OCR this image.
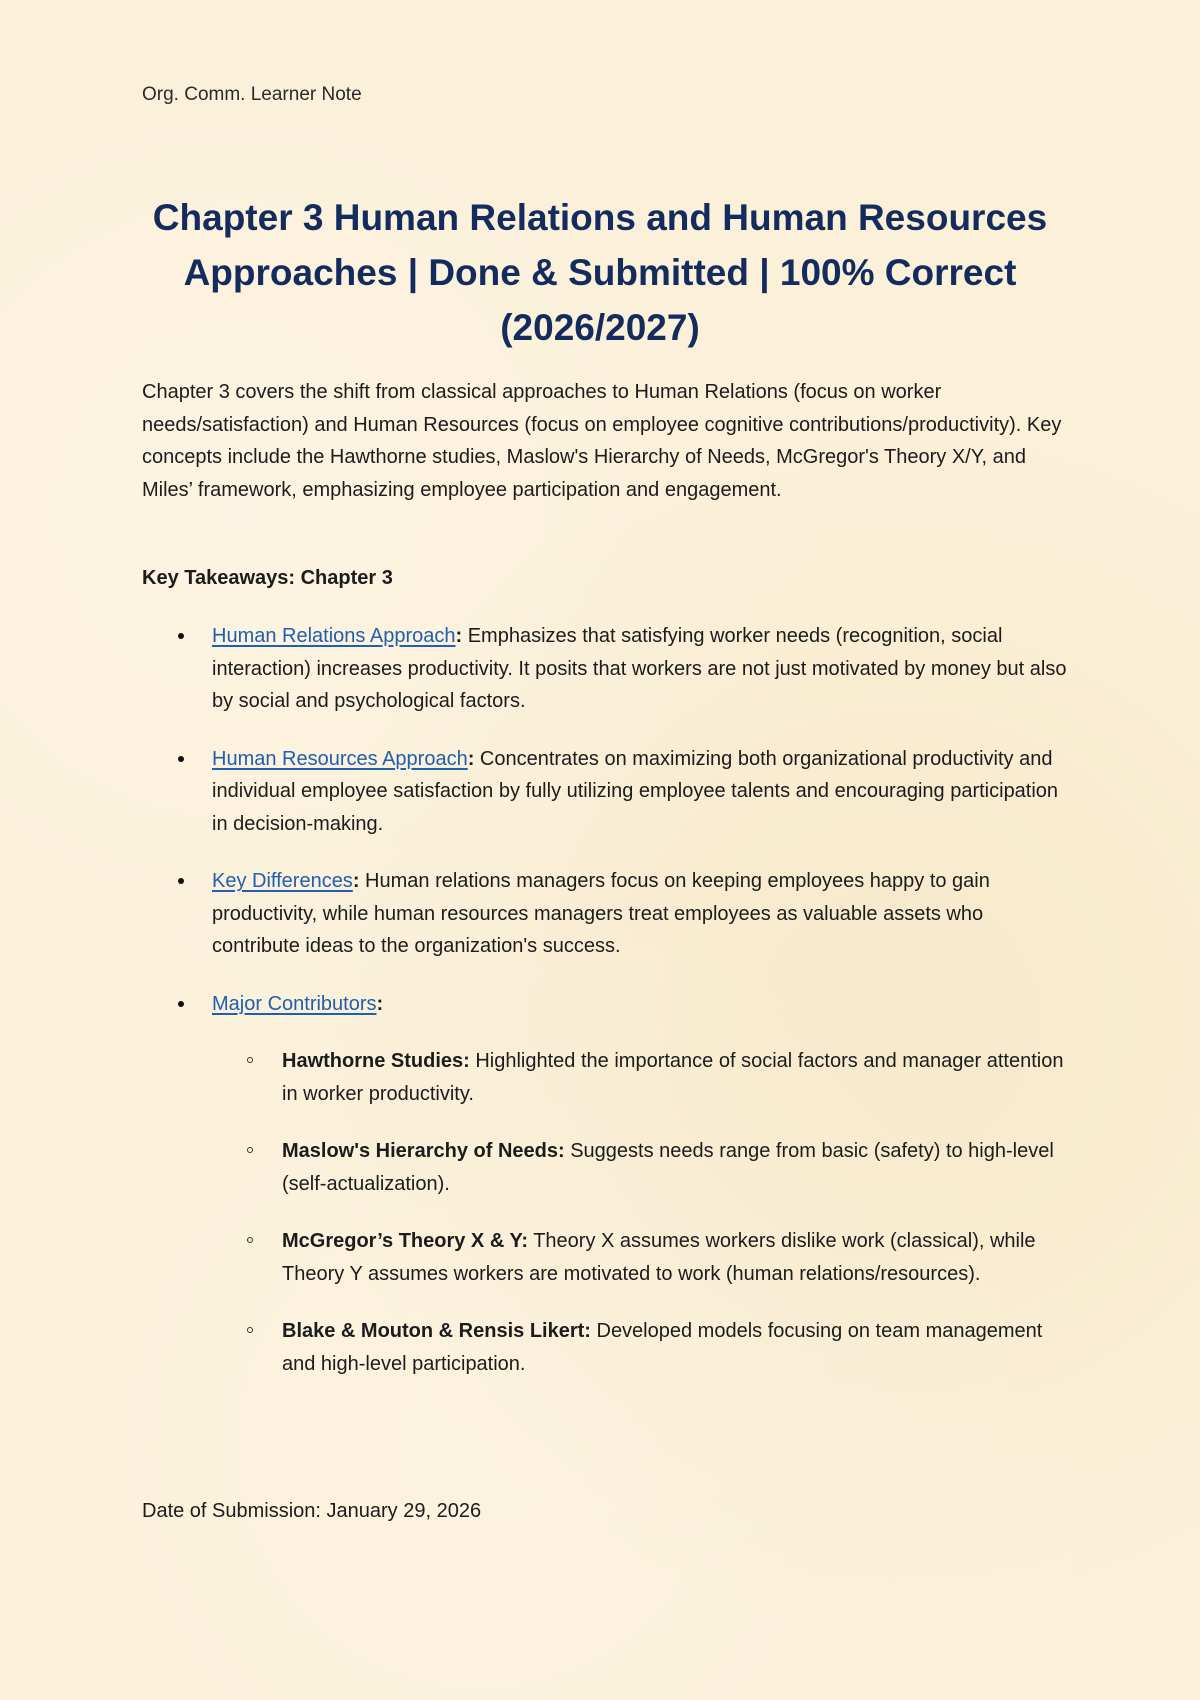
Org. Comm. Learner Note
Chapter 3 Human Relations and Human Resources Approaches | Done & Submitted | 100% Correct (2026/2027)

Chapter 3 covers the shift from classical approaches to Human Relations (focus on worker needs/satisfaction) and Human Resources (focus on employee cognitive contributions/productivity). Key concepts include the Hawthorne studies, Maslow's Hierarchy of Needs, McGregor's Theory X/Y, and Miles’ framework, emphasizing employee participation and engagement.

Key Takeaways: Chapter 3

Human Relations Approach: Emphasizes that satisfying worker needs (recognition, social interaction) increases productivity. It posits that workers are not just motivated by money but also by social and psychological factors.
Human Resources Approach: Concentrates on maximizing both organizational productivity and individual employee satisfaction by fully utilizing employee talents and encouraging participation in decision-making.
Key Differences: Human relations managers focus on keeping employees happy to gain productivity, while human resources managers treat employees as valuable assets who contribute ideas to the organization's success.
Major Contributors:
Hawthorne Studies: Highlighted the importance of social factors and manager attention in worker productivity.
Maslow's Hierarchy of Needs: Suggests needs range from basic (safety) to high-level (self-actualization).
McGregor’s Theory X & Y: Theory X assumes workers dislike work (classical), while Theory Y assumes workers are motivated to work (human relations/resources).
Blake & Mouton & Rensis Likert: Developed models focusing on team management and high-level participation.

Date of Submission: January 29, 2026
